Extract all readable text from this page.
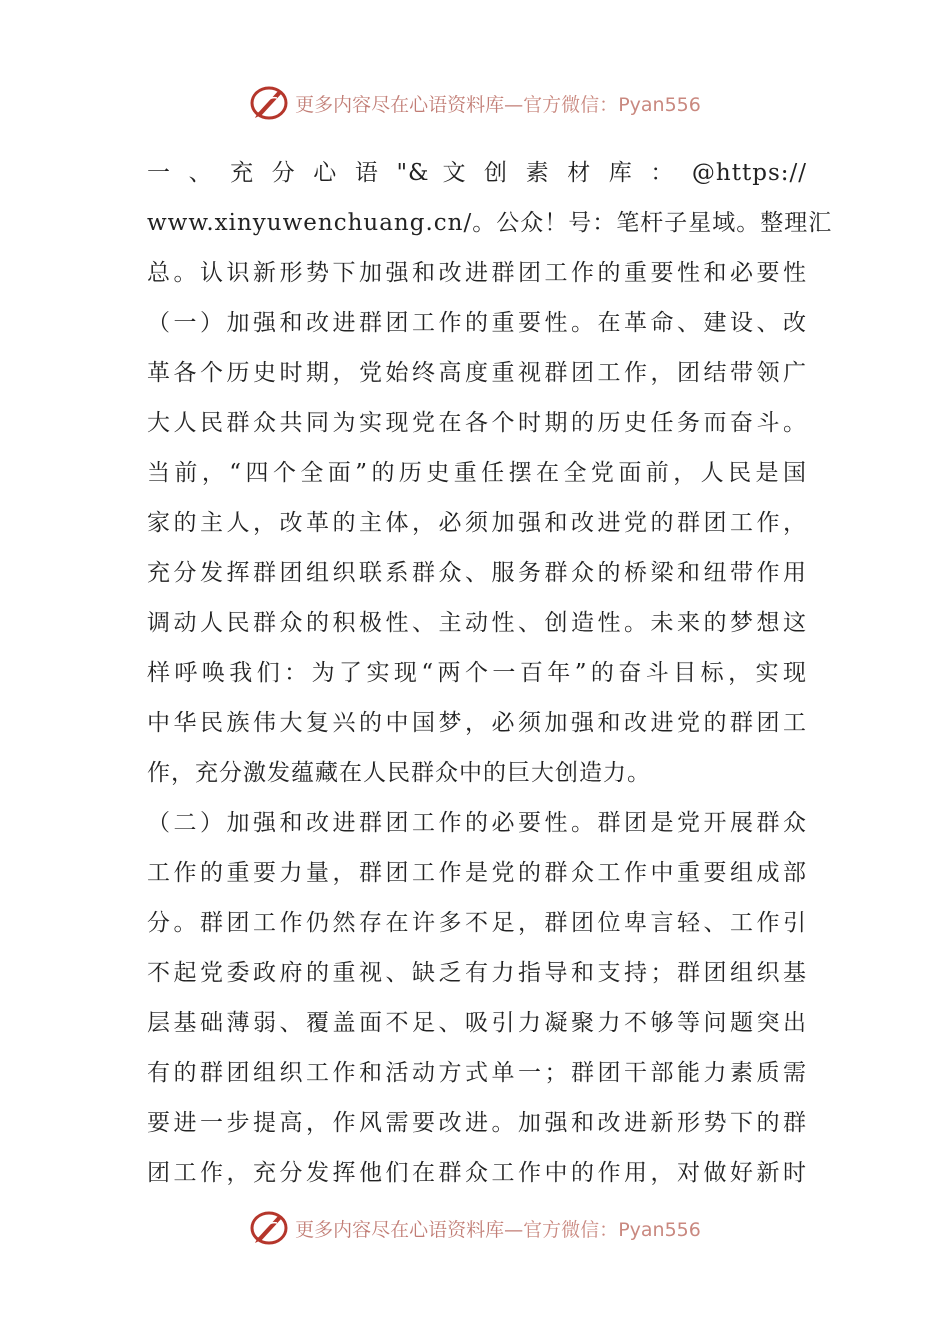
更多内容尽在心语资料库—官方微信：Pyan556
一 、 充 分 心 语 "& 文 创 素 材 库 ： @https://
www.xinyuwenchuang.cn/。公众！号：笔杆子星域。整理汇
总。认识新形势下加强和改进群团工作的重要性和必要性
（一）加强和改进群团工作的重要性。在革命、建设、改
革各个历史时期，党始终高度重视群团工作，团结带领广
大人民群众共同为实现党在各个时期的历史任务而奋斗。
当前，“四个全面”的历史重任摆在全党面前，人民是国
家的主人，改革的主体，必须加强和改进党的群团工作，
充分发挥群团组织联系群众、服务群众的桥梁和纽带作用
调动人民群众的积极性、主动性、创造性。未来的梦想这
样呼唤我们：为了实现“两个一百年”的奋斗目标，实现
中华民族伟大复兴的中国梦，必须加强和改进党的群团工
作，充分激发蕴藏在人民群众中的巨大创造力。
（二）加强和改进群团工作的必要性。群团是党开展群众
工作的重要力量，群团工作是党的群众工作中重要组成部
分。群团工作仍然存在许多不足，群团位卑言轻、工作引
不起党委政府的重视、缺乏有力指导和支持；群团组织基
层基础薄弱、覆盖面不足、吸引力凝聚力不够等问题突出
有的群团组织工作和活动方式单一；群团干部能力素质需
要进一步提高，作风需要改进。加强和改进新形势下的群
团工作，充分发挥他们在群众工作中的作用，对做好新时
更多内容尽在心语资料库—官方微信：Pyan556
